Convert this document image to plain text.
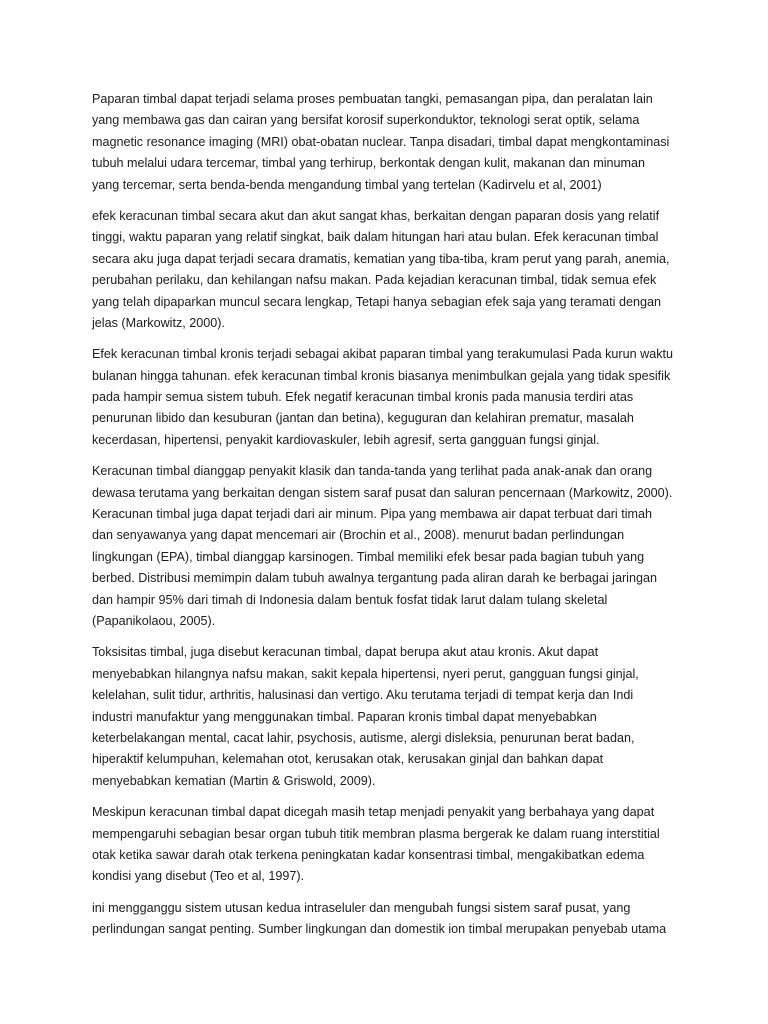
Paparan timbal dapat terjadi selama proses pembuatan tangki, pemasangan pipa, dan peralatan lain
yang membawa gas dan cairan yang bersifat korosif superkonduktor, teknologi serat optik, selama
magnetic resonance imaging (MRI) obat-obatan nuclear. Tanpa disadari, timbal dapat mengkontaminasi
tubuh melalui udara tercemar, timbal yang terhirup, berkontak dengan kulit, makanan dan minuman
yang tercemar, serta benda-benda mengandung timbal yang tertelan (Kadirvelu et al, 2001)
efek keracunan timbal secara akut dan akut sangat khas, berkaitan dengan paparan dosis yang relatif
tinggi, waktu paparan yang relatif singkat, baik dalam hitungan hari atau bulan. Efek keracunan timbal
secara aku juga dapat terjadi secara dramatis, kematian yang tiba-tiba, kram perut yang parah, anemia,
perubahan perilaku, dan kehilangan nafsu makan. Pada kejadian keracunan timbal, tidak semua efek
yang telah dipaparkan muncul secara lengkap, Tetapi hanya sebagian efek saja yang teramati dengan
jelas (Markowitz, 2000).
Efek keracunan timbal kronis terjadi sebagai akibat paparan timbal yang terakumulasi Pada kurun waktu
bulanan hingga tahunan. efek keracunan timbal kronis biasanya menimbulkan gejala yang tidak spesifik
pada hampir semua sistem tubuh. Efek negatif keracunan timbal kronis pada manusia terdiri atas
penurunan libido dan kesuburan (jantan dan betina), keguguran dan kelahiran prematur, masalah
kecerdasan, hipertensi, penyakit kardiovaskuler, lebih agresif, serta gangguan fungsi ginjal.
Keracunan timbal dianggap penyakit klasik dan tanda-tanda yang terlihat pada anak-anak dan orang
dewasa terutama yang berkaitan dengan sistem saraf pusat dan saluran pencernaan (Markowitz, 2000).
Keracunan timbal juga dapat terjadi dari air minum. Pipa yang membawa air dapat terbuat dari timah
dan senyawanya yang dapat mencemari air (Brochin et al., 2008). menurut badan perlindungan
lingkungan (EPA), timbal dianggap karsinogen. Timbal memiliki efek besar pada bagian tubuh yang
berbed. Distribusi memimpin dalam tubuh awalnya tergantung pada aliran darah ke berbagai jaringan
dan hampir 95% dari timah di Indonesia dalam bentuk fosfat tidak larut dalam tulang skeletal
(Papanikolaou, 2005).
Toksisitas timbal, juga disebut keracunan timbal, dapat berupa akut atau kronis. Akut dapat
menyebabkan hilangnya nafsu makan, sakit kepala hipertensi, nyeri perut, gangguan fungsi ginjal,
kelelahan, sulit tidur, arthritis, halusinasi dan vertigo. Aku terutama terjadi di tempat kerja dan Indi
industri manufaktur yang menggunakan timbal. Paparan kronis timbal dapat menyebabkan
keterbelakangan mental, cacat lahir, psychosis, autisme, alergi disleksia, penurunan berat badan,
hiperaktif kelumpuhan, kelemahan otot, kerusakan otak, kerusakan ginjal dan bahkan dapat
menyebabkan kematian (Martin & Griswold, 2009).
Meskipun keracunan timbal dapat dicegah masih tetap menjadi penyakit yang berbahaya yang dapat
mempengaruhi sebagian besar organ tubuh titik membran plasma bergerak ke dalam ruang interstitial
otak ketika sawar darah otak terkena peningkatan kadar konsentrasi timbal, mengakibatkan edema
kondisi yang disebut (Teo et al, 1997).
ini mengganggu sistem utusan kedua intraseluler dan mengubah fungsi sistem saraf pusat, yang
perlindungan sangat penting. Sumber lingkungan dan domestik ion timbal merupakan penyebab utama
